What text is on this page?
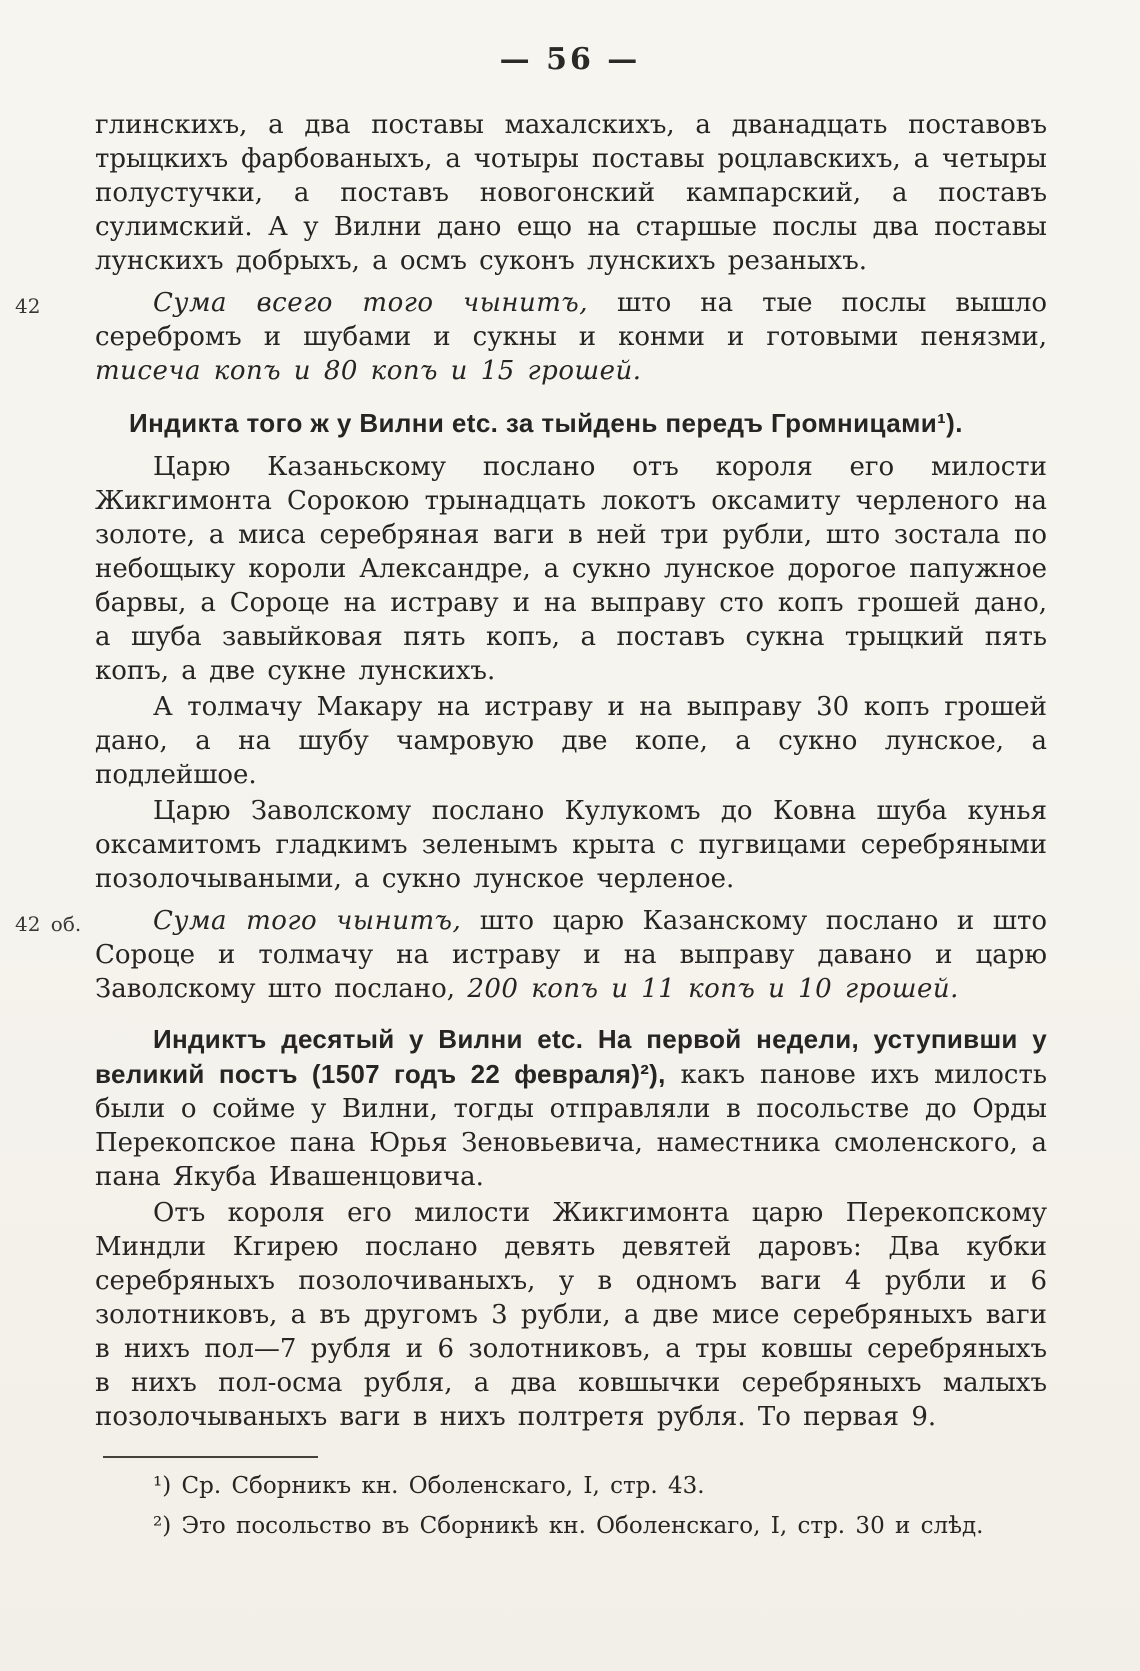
— 56 —

глинскихъ, а два поставы махалскихъ, а дванадцать поставовъ трыцкихъ фарбованыхъ, а чотыры поставы роцлавскихъ, а четыры полустучки, а поставъ новогонский кампарский, а поставъ сулимский. А у Вилни дано ещо на старшые послы два поставы лунскихъ добрыхъ, а осмъ суконъ лунскихъ резаныхъ.

42	Сума всего того чынитъ, што на тые послы вышло серебромъ и шубами и сукны и конми и готовыми пенязми, тисеча копъ и 80 копъ и 15 грошей.

Индикта того ж у Вилни etc. за тыйдень передъ Громницами¹).

Царю Казаньскому послано отъ короля его милости Жикгимонта Сорокою трынадцать локотъ оксамиту черленого на золоте, а миса серебряная ваги в ней три рубли, што зостала по небощыку короли Александре, а сукно лунское дорогое папужное барвы, а Сороце на истраву и на выправу сто копъ грошей дано, а шуба завыйковая пять копъ, а поставъ сукна трыцкий пять копъ, а две сукне лунскихъ.

А толмачу Макару на истраву и на выправу 30 копъ грошей дано, а на шубу чамровую две копе, а сукно лунское, а подлейшое.

Царю Заволскому послано Кулукомъ до Ковна шуба кунья оксамитомъ гладкимъ зеленымъ крыта с пугвицами серебряными позолочываными, а сукно лунское черленое.

42 об.	Сума того чынитъ, што царю Казанскому послано и што Сороце и толмачу на истраву и на выправу давано и царю Заволскому што послано, 200 копъ и 11 копъ и 10 грошей.

Индиктъ десятый у Вилни etc. На первой недели, уступивши у великий постъ (1507 годъ 22 февраля)²), какъ панове ихъ милость были о сойме у Вилни, тогды отправляли в посольстве до Орды Перекопское пана Юрья Зеновьевича, наместника смоленского, а пана Якуба Ивашенцовича.

Отъ короля его милости Жикгимонта царю Перекопскому Миндли Кгирею послано девять девятей даровъ: Два кубки серебряныхъ позолочиваныхъ, у в одномъ ваги 4 рубли и 6 золотниковъ, а въ другомъ 3 рубли, а две мисе серебряныхъ ваги в нихъ пол—7 рубля и 6 золотниковъ, а тры ковшы серебряныхъ в нихъ пол-осма рубля, а два ковшычки серебряныхъ малыхъ позолочываныхъ ваги в нихъ полтретя рубля. То первая 9.

¹) Ср. Сборникъ кн. Оболенскаго, I, стр. 43.

²) Это посольство въ Сборникѣ кн. Оболенскаго, I, стр. 30 и слѣд.
